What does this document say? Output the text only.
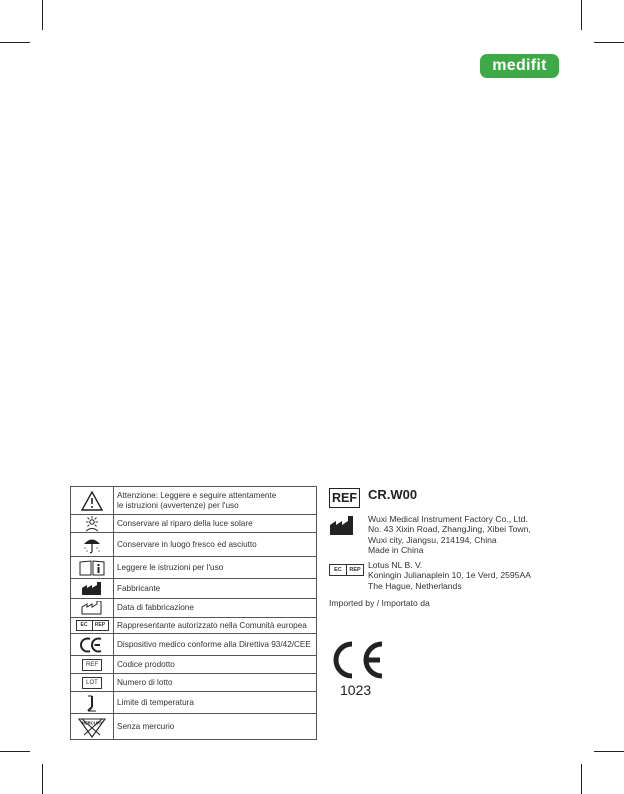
medifit

Attenzione: Leggere e seguire attentamente
le istruzioni (avvertenze) per l'uso

	Conservare al riparo della luce solare

	Conservare in luogo fresco ed asciutto

	Leggere le istruzioni per l'uso

	Fabbricante

	Data di fabbricazione

EC REP	Rappresentante autorizzato nella Comunità europea

	Dispositivo medico conforme alla Direttiva 93/42/CEE
REF	Codice prodotto
LOT	Numero di lotto

	Limite di temperatura

MERCURY	Senza mercurio
REF CR.W00
Wuxi Medical Instrument Factory Co., Ltd.
No. 43 Xixin Road, ZhangJing, Xibei Town,
Wuxi city, Jiangsu, 214194, China
Made in China
EC	REP Lotus NL B. V.
Koningin Julianaplein 10, 1e Verd, 2595AA
The Hague, Netherlands
Imported by / Importato da
1023
